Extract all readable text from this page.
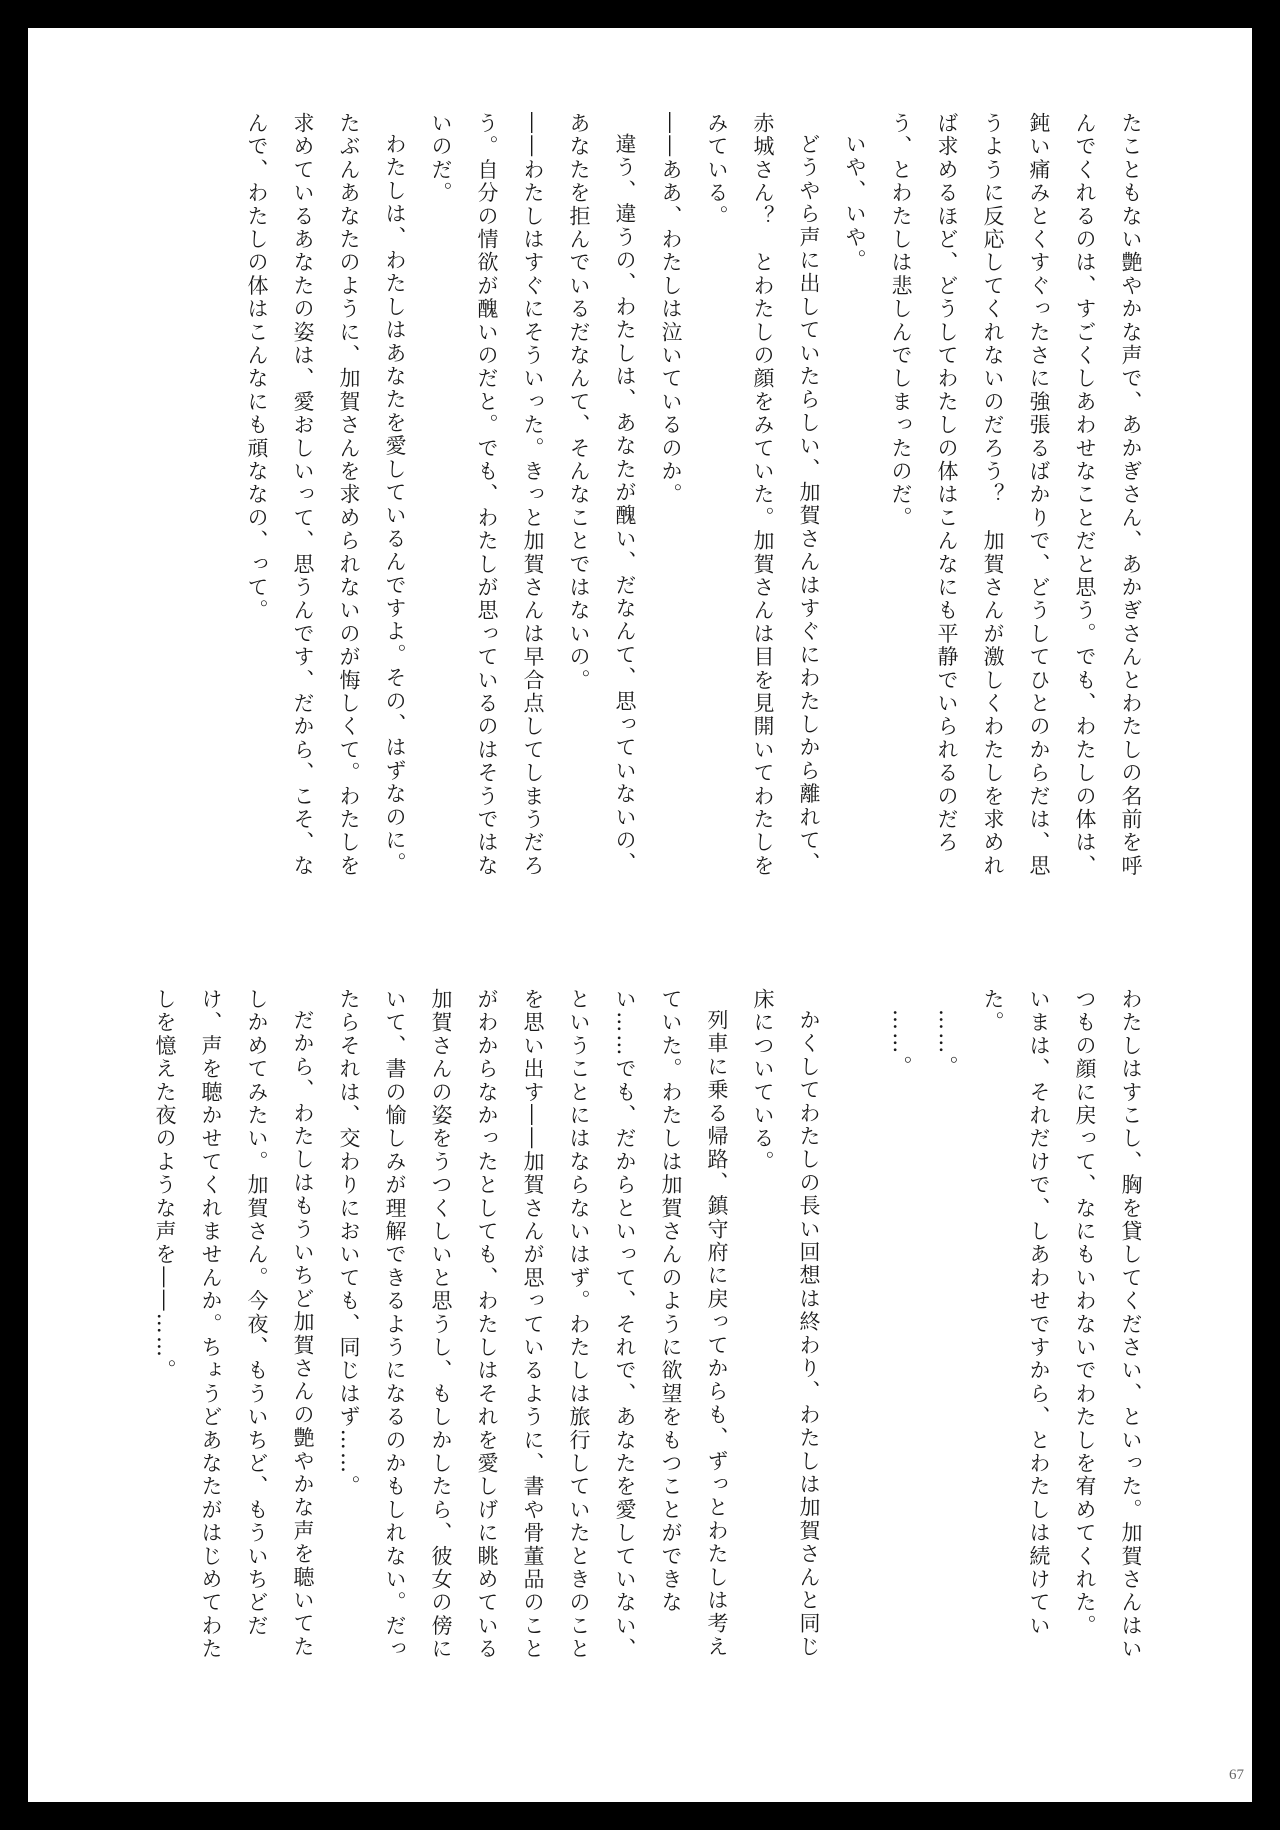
たこともない艶やかな声で、あかぎさん、あかぎさんとわたしの名前を呼んでくれるのは、すごくしあわせなことだと思う。でも、わたしの体は、鈍い痛みとくすぐったさに強張るばかりで、どうしてひとのからだは、思うように反応してくれないのだろう？　加賀さんが激しくわたしを求めれば求めるほど、どうしてわたしの体はこんなにも平静でいられるのだろう、とわたしは悲しんでしまったのだ。

いや、いや。

どうやら声に出していたらしい、加賀さんはすぐにわたしから離れて、赤城さん？　とわたしの顔をみていた。加賀さんは目を見開いてわたしをみている。

――ああ、わたしは泣いているのか。

違う、違うの、わたしは、あなたが醜い、だなんて、思っていないの、あなたを拒んでいるだなんて、そんなことではないの。

――わたしはすぐにそういった。きっと加賀さんは早合点してしまうだろう。自分の情欲が醜いのだと。でも、わたしが思っているのはそうではないのだ。

わたしは、わたしはあなたを愛しているんですよ。その、はずなのに。たぶんあなたのように、加賀さんを求められないのが悔しくて。わたしを求めているあなたの姿は、愛おしいって、思うんです、だから、こそ、なんで、わたしの体はこんなにも頑ななの、って。

わたしはすこし、胸を貸してください、といった。加賀さんはいつもの顔に戻って、なにもいわないでわたしを宥めてくれた。

いまは、それだけで、しあわせですから、とわたしは続けていた。

……。

……。

かくしてわたしの長い回想は終わり、わたしは加賀さんと同じ床についている。

列車に乗る帰路、鎮守府に戻ってからも、ずっとわたしは考えていた。わたしは加賀さんのように欲望をもつことができない……でも、だからといって、それで、あなたを愛していない、ということにはならないはず。わたしは旅行していたときのことを思い出す――加賀さんが思っているように、書や骨董品のことがわからなかったとしても、わたしはそれを愛しげに眺めている加賀さんの姿をうつくしいと思うし、もしかしたら、彼女の傍にいて、書の愉しみが理解できるようになるのかもしれない。だったらそれは、交わりにおいても、同じはず……。

だから、わたしはもういちど加賀さんの艶やかな声を聴いてたしかめてみたい。加賀さん。今夜、もういちど、もういちどだけ、声を聴かせてくれませんか。ちょうどあなたがはじめてわたしを憶えた夜のような声を――……。

67
